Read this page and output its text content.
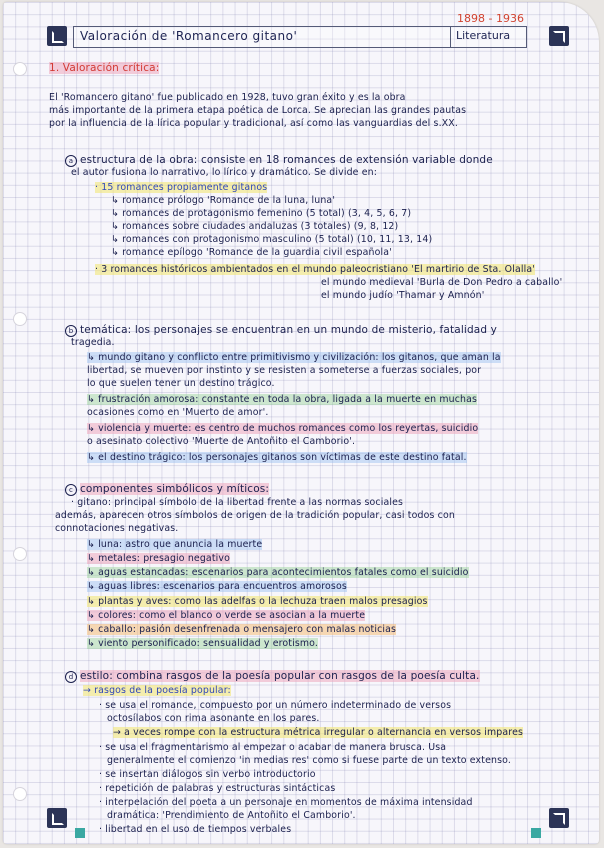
1898 - 1936
Valoración de 'Romancero gitano'	Literatura
1. Valoración crítica:
El 'Romancero gitano' fue publicado en 1928, tuvo gran éxito y es la obra
más importante de la primera etapa poética de Lorca. Se aprecian las grandes pautas
por la influencia de la lírica popular y tradicional, así como las vanguardias del s.XX.
a estructura de la obra: consiste en 18 romances de extensión variable donde
el autor fusiona lo narrativo, lo lírico y dramático. Se divide en:
· 15 romances propiamente gitanos
↳ romance prólogo 'Romance de la luna, luna'
↳ romances de protagonismo femenino (5 total) (3, 4, 5, 6, 7)
↳ romances sobre ciudades andaluzas (3 totales) (9, 8, 12)
↳ romances con protagonismo masculino (5 total) (10, 11, 13, 14)
↳ romance epílogo 'Romance de la guardia civil española'
· 3 romances históricos ambientados en el mundo paleocristiano 'El martirio de Sta. Olalla'
el mundo medieval 'Burla de Don Pedro a caballo'
el mundo judío 'Thamar y Amnón'
b temática: los personajes se encuentran en un mundo de misterio, fatalidad y
tragedia.
↳ mundo gitano y conflicto entre primitivismo y civilización: los gitanos, que aman la
libertad, se mueven por instinto y se resisten a someterse a fuerzas sociales, por
lo que suelen tener un destino trágico.
↳ frustración amorosa: constante en toda la obra, ligada a la muerte en muchas
ocasiones como en 'Muerto de amor'.
↳ violencia y muerte: es centro de muchos romances como los reyertas, suicidio
o asesinato colectivo 'Muerte de Antoñito el Camborio'.
↳ el destino trágico: los personajes gitanos son víctimas de este destino fatal.
c componentes simbólicos y míticos:
· gitano: principal símbolo de la libertad frente a las normas sociales
además, aparecen otros símbolos de origen de la tradición popular, casi todos con
connotaciones negativas.
↳ luna: astro que anuncia la muerte
↳ metales: presagio negativo
↳ aguas estancadas: escenarios para acontecimientos fatales como el suicidio
↳ aguas libres: escenarios para encuentros amorosos
↳ plantas y aves: como las adelfas o la lechuza traen malos presagios
↳ colores: como el blanco o verde se asocian a la muerte
↳ caballo: pasión desenfrenada o mensajero con malas noticias
↳ viento personificado: sensualidad y erotismo.
d estilo: combina rasgos de la poesía popular con rasgos de la poesía culta.
→ rasgos de la poesía popular:
· se usa el romance, compuesto por un número indeterminado de versos
octosílabos con rima asonante en los pares.
→ a veces rompe con la estructura métrica irregular o alternancia en versos impares
· se usa el fragmentarismo al empezar o acabar de manera brusca. Usa
generalmente el comienzo 'in medias res' como si fuese parte de un texto extenso.
· se insertan diálogos sin verbo introductorio
· repetición de palabras y estructuras sintácticas
· interpelación del poeta a un personaje en momentos de máxima intensidad
dramática: 'Prendimiento de Antoñito el Camborio'.
· libertad en el uso de tiempos verbales
